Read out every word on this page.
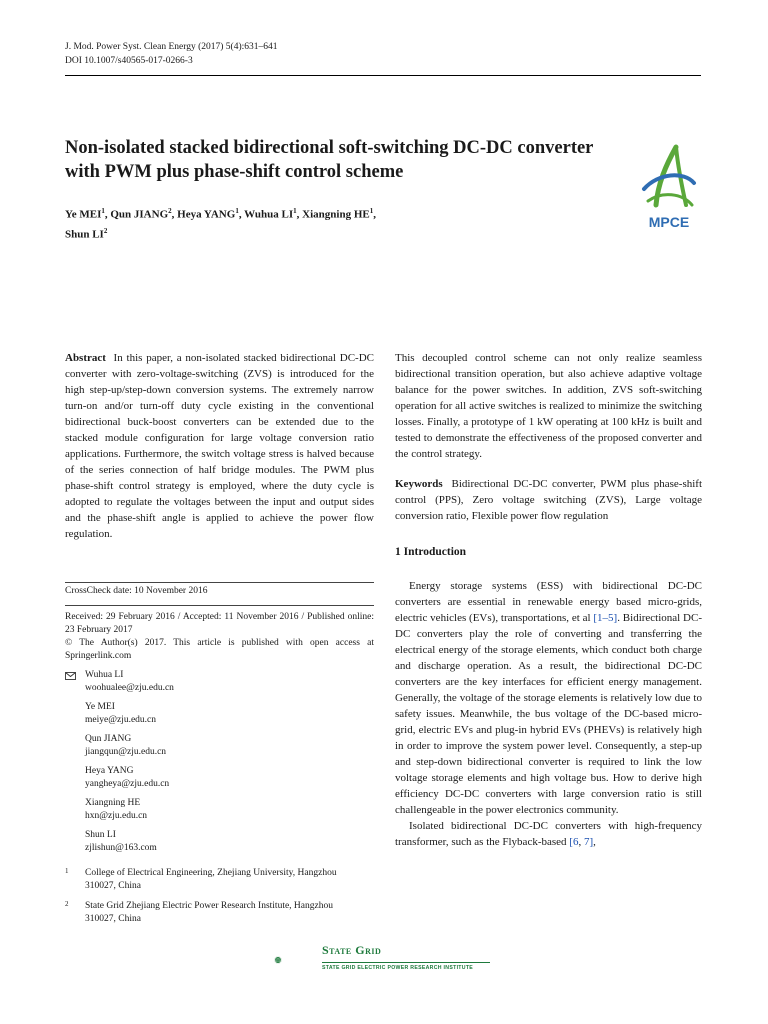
J. Mod. Power Syst. Clean Energy (2017) 5(4):631–641
DOI 10.1007/s40565-017-0266-3
Non-isolated stacked bidirectional soft-switching DC-DC converter with PWM plus phase-shift control scheme
Ye MEI$^1$, Qun JIANG$^2$, Heya YANG$^1$, Wuhua $LI^1$, Xiangning $HE^1$,
Shun $LI^2$
MPCE
Abstract In this paper, a non-isolated stacked bidirectional DC-DC converter with zero-voltage-switching (ZVS) is introduced for the high step-up/step-down conversion systems. The extremely narrow turn-on and/or turn-off duty cycle existing in the conventional bidirectional buck-boost converters can be extended due to the stacked module configuration for large voltage conversion ratio applications. Furthermore, the switch voltage stress is halved because of the series connection of half bridge modules. The PWM plus phase-shift control strategy is employed, where the duty cycle is adopted to regulate the voltages between the input and output sides and the phase-shift angle is applied to achieve the power flow regulation.
CrossCheck date: 10 November 2016
Received: 29 February 2016 / Accepted: 11 November 2016 / Published online: 23 February 2017
© The Author(s) 2017. This article is published with open access at Springerlink.com
Wuhua LI
woohualee@zju.edu.cn
Ye MEI
meiye@zju.edu.cn
Qun JIANG
jiangqun@zju.edu.cn
Heya YANG
yangheya@zju.edu.cn
Xiangning HE
hxn@zju.edu.cn
Shun LI
zjlishun@163.com
1	College of Electrical Engineering, Zhejiang University, Hangzhou 310027, China
2	State Grid Zhejiang Electric Power Research Institute, Hangzhou 310027, China
This decoupled control scheme can not only realize seamless bidirectional transition operation, but also achieve adaptive voltage balance for the power switches. In addition, ZVS soft-switching operation for all active switches is realized to minimize the switching losses. Finally, a prototype of 1 kW operating at 100 kHz is built and tested to demonstrate the effectiveness of the proposed converter and the control strategy.
Keywords Bidirectional DC-DC converter, PWM plus phase-shift control (PPS), Zero voltage switching (ZVS), Large voltage conversion ratio, Flexible power flow regulation
1 Introduction
Energy storage systems (ESS) with bidirectional DC-DC converters are essential in renewable energy based micro-grids, electric vehicles (EVs), transportations, et al [1–5]. Bidirectional DC-DC converters play the role of converting and transferring the electrical energy of the storage elements, which conduct both charge and discharge operation. As a result, the bidirectional DC-DC converters are the key interfaces for efficient energy management. Generally, the voltage of the storage elements is relatively low due to safety issues. Meanwhile, the bus voltage of the DC-based micro-grid, electric EVs and plug-in hybrid EVs (PHEVs) is relatively high in order to improve the system power level. Consequently, a step-up and step-down bidirectional converter is required to link the low voltage storage elements and high voltage bus. How to derive high efficiency DC-DC converters with large conversion ratio is still challengeable in the power electronics community.
Isolated bidirectional DC-DC converters with high-frequency transformer, such as the Flyback-based [6, 7],
State Grid
STATE GRID ELECTRIC POWER RESEARCH INSTITUTE
